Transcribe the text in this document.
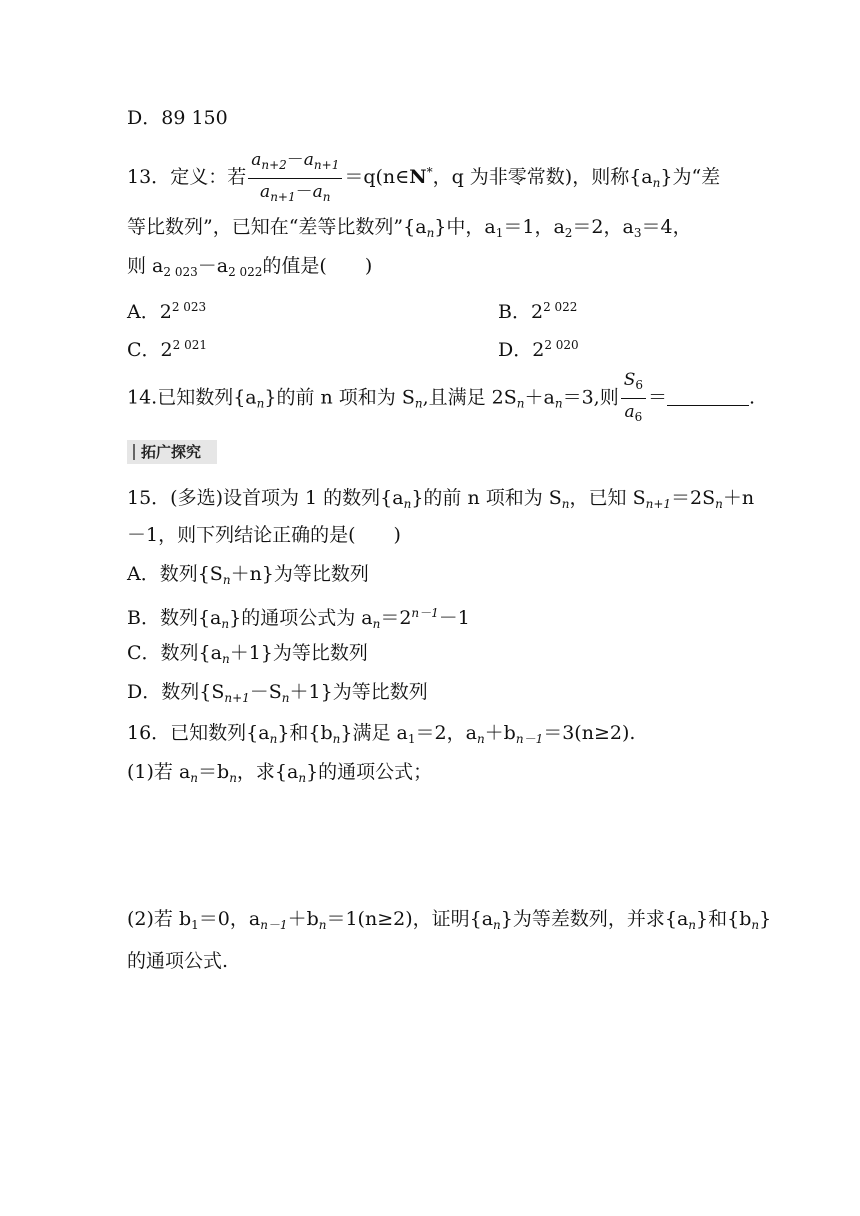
D．89 150
13．定义：若 $\frac{a_{n+2}-a_{n+1}}{a_{n+1}-a_n}$ ＝q(n∈N*，q 为非零常数)，则称$\{a_n\}$为“差
等比数列”，已知在“差等比数列$”\{a_n\}$中，$a_1=1$，$a_2=2$，$a_3=4$，
则 $a_{2 023}-a_{2 022}$的值是( )
A．$2^{2 023}$	B．$2^{2 022}$
C．$2^{2 021}$	D．$2^{2 020}$
14.已知数列$\{a_n\}$的前 n 项和为 $S_n$,且满足 $2S_n+a_n=3$,则 $\frac{S_6}{a_6}$ ＝	.
拓广探究
15．(多选)设首项为 1 的数列$\{a_n\}$的前 n 项和为 $S_n$，已知 $S_{n+1}=2S_n+n$
－1，则下列结论正确的是( )
A．数列$\{S_n+n\}$为等比数列
B．数列$\{a_n\}$的通项公式为 $a_n=2^{n-1}-1$
C．数列$\{a_n+1\}$为等比数列
D．数列$\{S_{n+1}-S_n+1\}$为等比数列
16．已知数列$\{a_n\}$和$\{b_n\}$满足 $a_1=2$，$a_n+b_{n-1}=3(n\ge 2)$.
(1)若 $a_n=b_n$，求$\{a_n\}$的通项公式；
(2)若 $b_1=0$，$a_{n-1}+b_n=1(n\ge 2)$，证明$\{a_n\}$为等差数列，并求$\{a_n\}$和$\{b_n\}$
的通项公式.
